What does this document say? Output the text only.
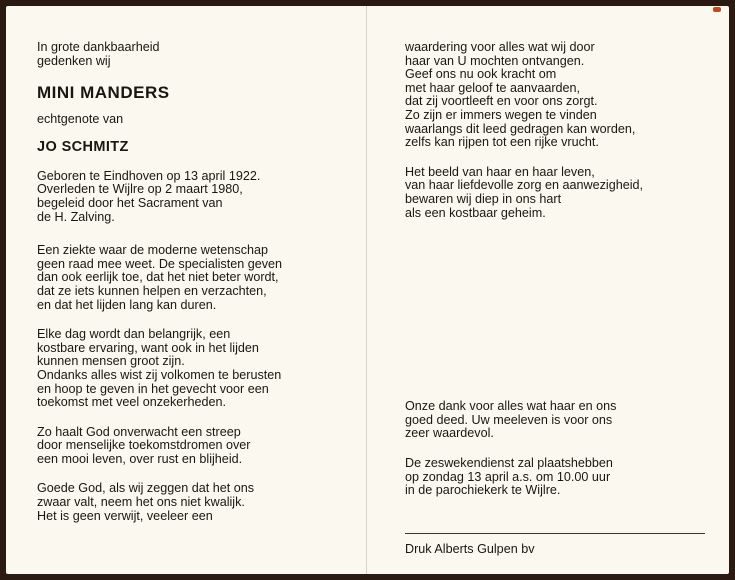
In grote dankbaarheid
gedenken wij
MINI MANDERS
echtgenote van
JO SCHMITZ
Geboren te Eindhoven op 13 april 1922.
Overleden te Wijlre op 2 maart 1980,
begeleid door het Sacrament van
de H. Zalving.
Een ziekte waar de moderne wetenschap
geen raad mee weet. De specialisten geven
dan ook eerlijk toe, dat het niet beter wordt,
dat ze iets kunnen helpen en verzachten,
en dat het lijden lang kan duren.
Elke dag wordt dan belangrijk, een
kostbare ervaring, want ook in het lijden
kunnen mensen groot zijn.
Ondanks alles wist zij volkomen te berusten
en hoop te geven in het gevecht voor een
toekomst met veel onzekerheden.
Zo haalt God onverwacht een streep
door menselijke toekomstdromen over
een mooi leven, over rust en blijheid.
Goede God, als wij zeggen dat het ons
zwaar valt, neem het ons niet kwalijk.
Het is geen verwijt, veeleer een
waardering voor alles wat wij door
haar van U mochten ontvangen.
Geef ons nu ook kracht om
met haar geloof te aanvaarden,
dat zij voortleeft en voor ons zorgt.
Zo zijn er immers wegen te vinden
waarlangs dit leed gedragen kan worden,
zelfs kan rijpen tot een rijke vrucht.
Het beeld van haar en haar leven,
van haar liefdevolle zorg en aanwezigheid,
bewaren wij diep in ons hart
als een kostbaar geheim.
Onze dank voor alles wat haar en ons
goed deed. Uw meeleven is voor ons
zeer waardevol.
De zeswekendienst zal plaatshebben
op zondag 13 april a.s. om 10.00 uur
in de parochiekerk te Wijlre.
Druk Alberts Gulpen bv
